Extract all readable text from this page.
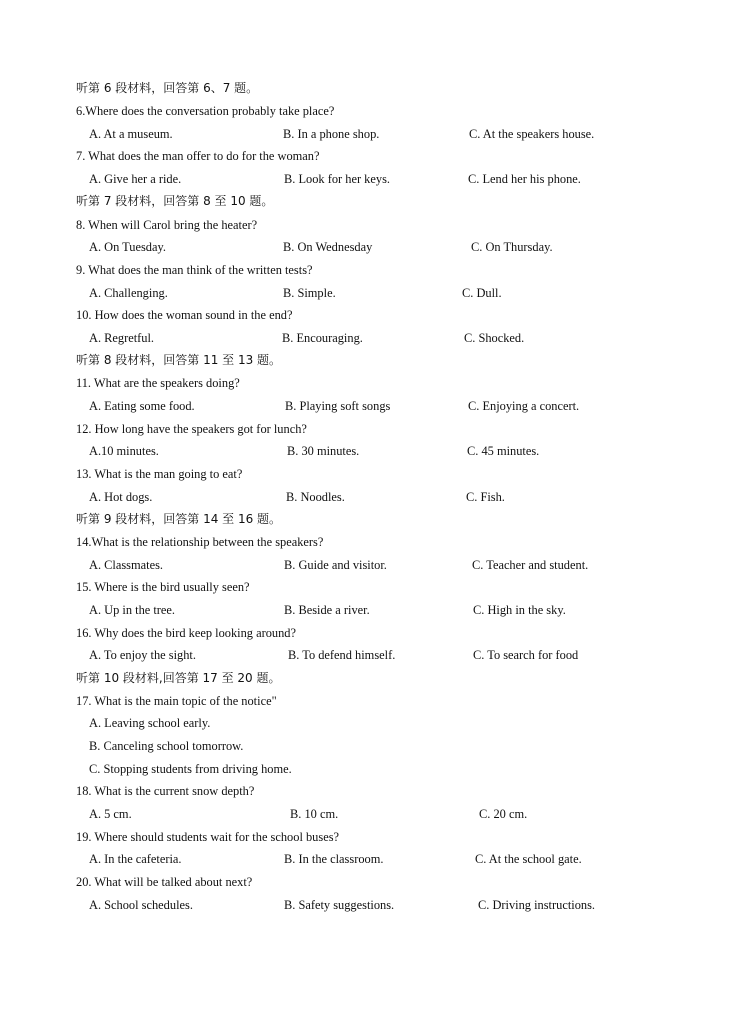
听第 6 段材料，回答第 6、7 题。
6.Where does the conversation probably take place?
A. At a museum.	B. In a phone shop.	C. At the speakers house.
7. What does the man offer to do for the woman?
A. Give her a ride.	B. Look for her keys.	C. Lend her his phone.
听第 7 段材料，回答第 8 至 10 题。
8. When will Carol bring the heater?
A. On Tuesday.	B. On Wednesday	C. On Thursday.
9. What does the man think of the written tests?
A. Challenging.	B. Simple.	C. Dull.
10. How does the woman sound in the end?
A. Regretful.	B. Encouraging.	C. Shocked.
听第 8 段材料，回答第 11 至 13 题。
11. What are the speakers doing?
A. Eating some food.	B. Playing soft songs	C. Enjoying a concert.
12. How long have the speakers got for lunch?
A.10 minutes.	B. 30 minutes.	C. 45 minutes.
13. What is the man going to eat?
A. Hot dogs.	B. Noodles.	C. Fish.
听第 9 段材料，回答第 14 至 16 题。
14.What is the relationship between the speakers?
A. Classmates.	B. Guide and visitor.	C. Teacher and student.
15. Where is the bird usually seen?
A. Up in the tree.	B. Beside a river.	C. High in the sky.
16. Why does the bird keep looking around?
A. To enjoy the sight.	B. To defend himself.	C. To search for food
听第 10 段材料,回答第 17 至 20 题。
17. What is the main topic of the notice"
A. Leaving school early.
B. Canceling school tomorrow.
C. Stopping students from driving home.
18. What is the current snow depth?
A. 5 cm.	B. 10 cm.	C. 20 cm.
19. Where should students wait for the school buses?
A. In the cafeteria.	B. In the classroom.	C. At the school gate.
20. What will be talked about next?
A. School schedules.	B. Safety suggestions.	C. Driving instructions.
